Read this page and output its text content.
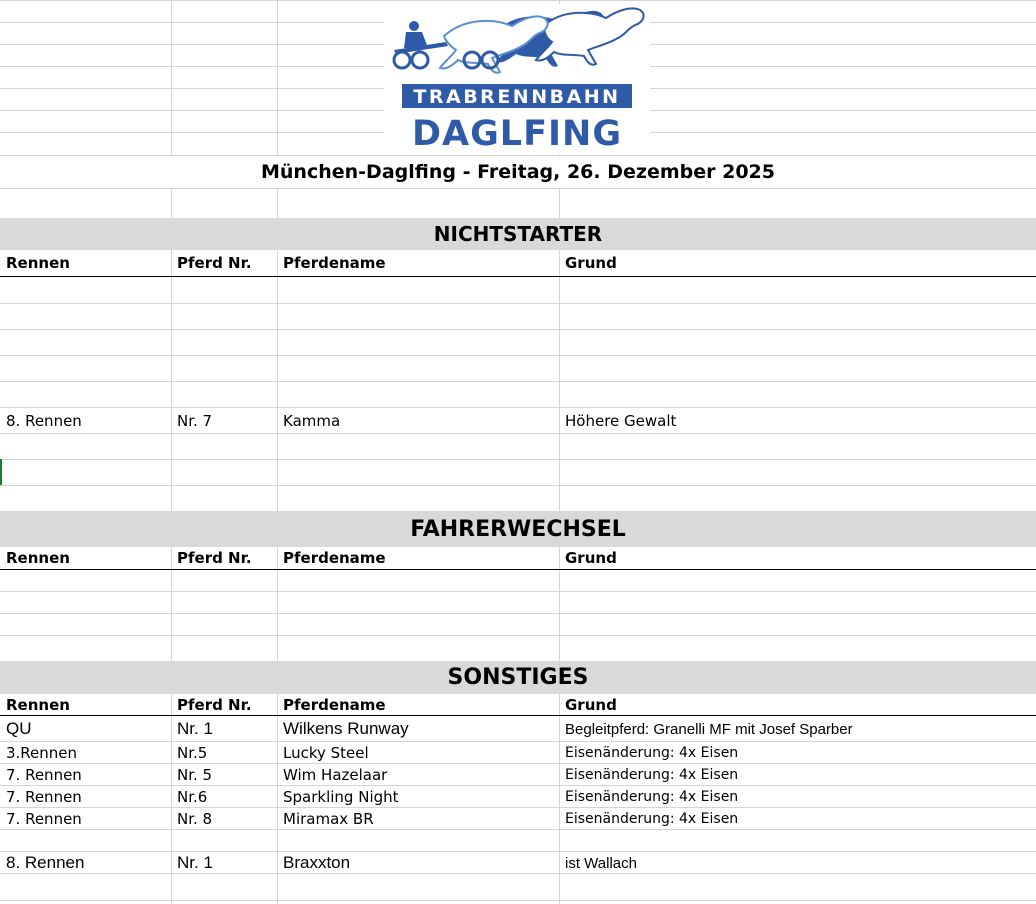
TRABRENNBAHN
DAGLFING
München-Daglfing - Freitag, 26. Dezember 2025
NICHTSTARTER
Rennen	Pferd Nr.	Pferdename	Grund
8. Rennen	Nr. 7	Kamma	Höhere Gewalt
FAHRERWECHSEL
Rennen	Pferd Nr.	Pferdename	Grund
SONSTIGES
Rennen	Pferd Nr.	Pferdename	Grund
QU	Nr. 1	Wilkens Runway	Begleitpferd: Granelli MF mit Josef Sparber
3.Rennen	Nr.5	Lucky Steel	Eisenänderung: 4x Eisen
7. Rennen	Nr. 5	Wim Hazelaar	Eisenänderung: 4x Eisen
7. Rennen	Nr.6	Sparkling Night	Eisenänderung: 4x Eisen
7. Rennen	Nr. 8	Miramax BR	Eisenänderung: 4x Eisen
8. Rennen	Nr. 1	Braxxton	ist Wallach
